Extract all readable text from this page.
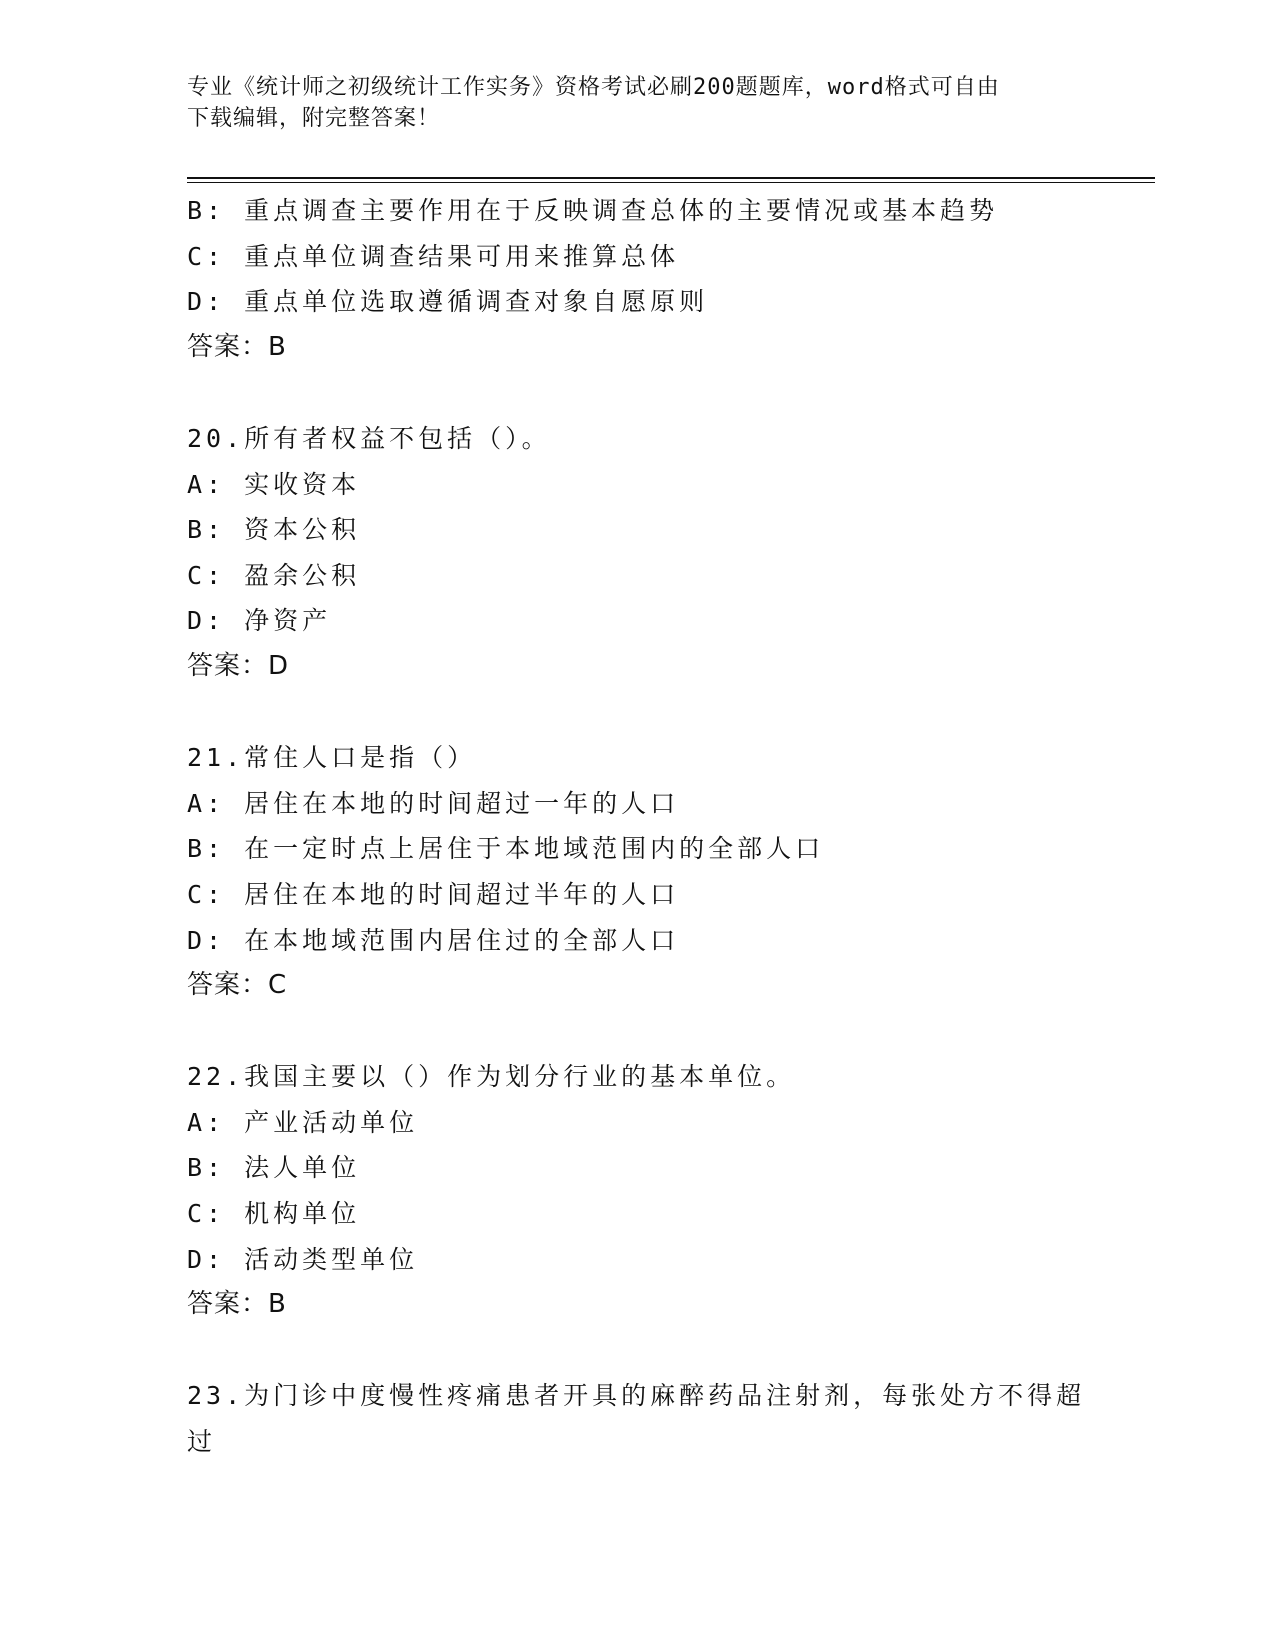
专业《统计师之初级统计工作实务》资格考试必刷200题题库，word格式可自由
下载编辑，附完整答案！
B: 重点调查主要作用在于反映调查总体的主要情况或基本趋势
C: 重点单位调查结果可用来推算总体
D: 重点单位选取遵循调查对象自愿原则
答案：B
20.所有者权益不包括（）。
A: 实收资本
B: 资本公积
C: 盈余公积
D: 净资产
答案：D
21.常住人口是指（）
A: 居住在本地的时间超过一年的人口
B: 在一定时点上居住于本地域范围内的全部人口
C: 居住在本地的时间超过半年的人口
D: 在本地域范围内居住过的全部人口
答案：C
22.我国主要以（）作为划分行业的基本单位。
A: 产业活动单位
B: 法人单位
C: 机构单位
D: 活动类型单位
答案：B
23.为门诊中度慢性疼痛患者开具的麻醉药品注射剂，每张处方不得超
过
